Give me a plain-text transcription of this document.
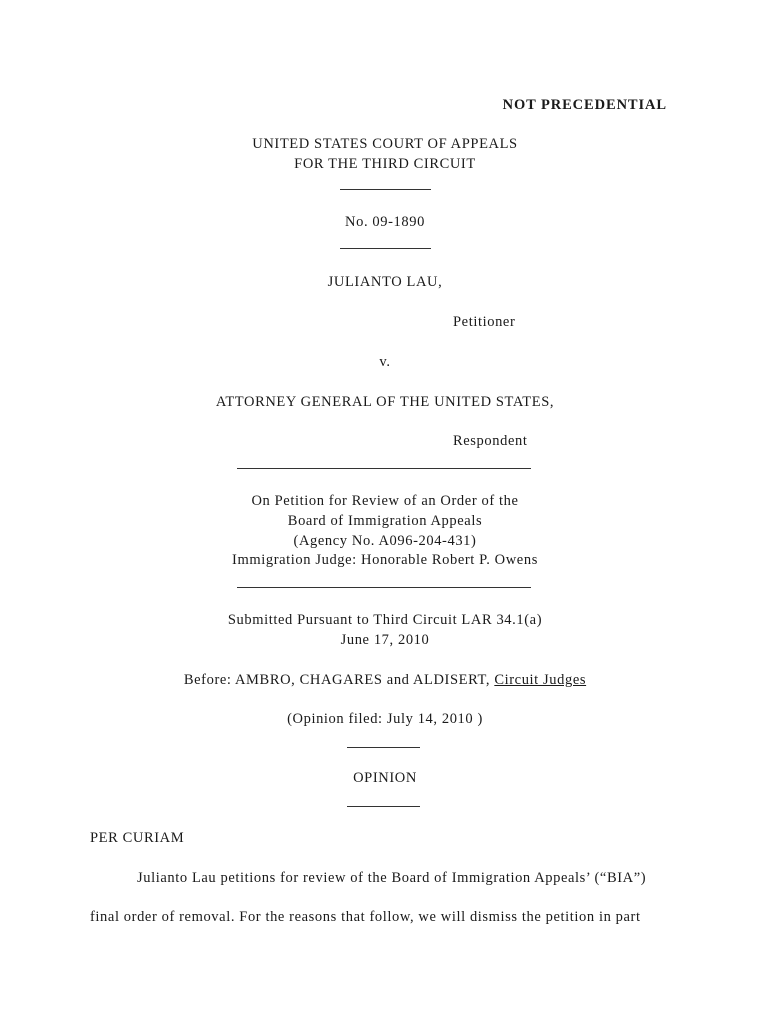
NOT PRECEDENTIAL
UNITED STATES COURT OF APPEALS
FOR THE THIRD CIRCUIT
No. 09-1890
JULIANTO LAU,
Petitioner
v.
ATTORNEY GENERAL OF THE UNITED STATES,
Respondent
On Petition for Review of an Order of the
Board of Immigration Appeals
(Agency No. A096-204-431)
Immigration Judge: Honorable Robert P. Owens
Submitted Pursuant to Third Circuit LAR 34.1(a)
June 17, 2010
Before: AMBRO, CHAGARES and ALDISERT, Circuit Judges
(Opinion filed: July 14, 2010 )
OPINION
PER CURIAM
Julianto Lau petitions for review of the Board of Immigration Appeals’ (“BIA”)
final order of removal. For the reasons that follow, we will dismiss the petition in part
